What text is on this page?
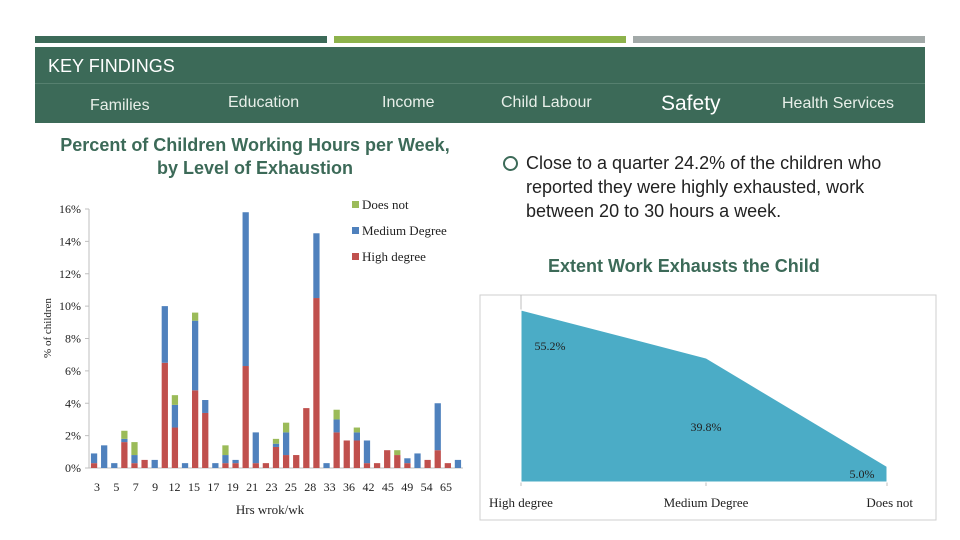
KEY FINDINGS
Families	Education	Income	Child Labour	Safety	Health Services
Percent of Children Working Hours per Week, by Level of Exhaustion
0%
2%
4%
6%
8%
10%
12%
14%
16%
3 5 7 9 12 15 17 19 21 23 25 28 33 36 42 45 49 54 65
% of children
Hrs wrok/wk
Does not
Medium Degree
High degree
Close to a quarter 24.2% of the children who reported they were highly exhausted, work between 20 to 30 hours a week.
Extent Work Exhausts the Child
55.2%
39.8%
5.0%
High degree	Medium Degree	Does not
